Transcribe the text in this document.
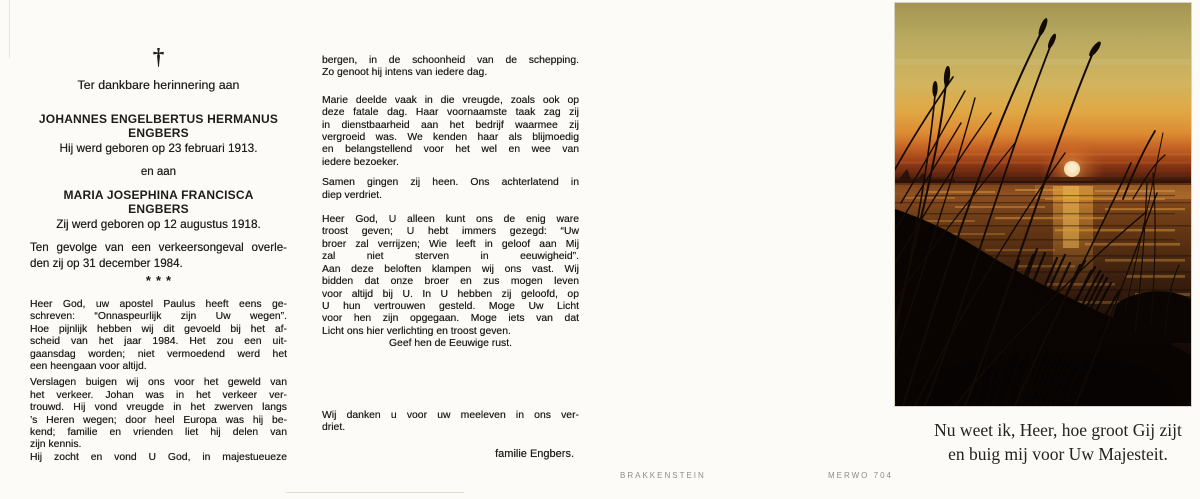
†
Ter dankbare herinnering aan
JOHANNES ENGELBERTUS HERMANUS
ENGBERS
Hij werd geboren op 23 februari 1913.
en aan
MARIA JOSEPHINA FRANCISCA
ENGBERS
Zij werd geboren op 12 augustus 1918.
Ten gevolge van een verkeersongeval overle-
den zij op 31 december 1984.
***
Heer God, uw apostel Paulus heeft eens ge-
schreven: “Onnaspeurlijk zijn Uw wegen”.
Hoe pijnlijk hebben wij dit gevoeld bij het af-
scheid van het jaar 1984. Het zou een uit-
gaansdag worden; niet vermoedend werd het
een heengaan voor altijd.
Verslagen buigen wij ons voor het geweld van
het verkeer. Johan was in het verkeer ver-
trouwd. Hij vond vreugde in het zwerven langs
’s Heren wegen; door heel Europa was hij be-
kend; familie en vrienden liet hij delen van
zijn kennis.
Hij zocht en vond U God, in majestueueze
bergen, in de schoonheid van de schepping.
Zo genoot hij intens van iedere dag.
Marie deelde vaak in die vreugde, zoals ook op
deze fatale dag. Haar voornaamste taak zag zij
in dienstbaarheid aan het bedrijf waarmee zij
vergroeid was. We kenden haar als blijmoedig
en belangstellend voor het wel en wee van
iedere bezoeker.
Samen gingen zij heen. Ons achterlatend in
diep verdriet.
Heer God, U alleen kunt ons de enig ware
troost geven; U hebt immers gezegd: “Uw
broer zal verrijzen; Wie leeft in geloof aan Mij
zal niet sterven in eeuwigheid”.
Aan deze beloften klampen wij ons vast. Wij
bidden dat onze broer en zus mogen leven
voor altijd bij U. In U hebben zij geloofd, op
U hun vertrouwen gesteld. Moge Uw Licht
voor hen zijn opgegaan. Moge iets van dat
Licht ons hier verlichting en troost geven.
Geef hen de Eeuwige rust.
Wij danken u voor uw meeleven in ons ver-
driet.
familie Engbers.
BRAKKENSTEIN	MERWO 704
Nu weet ik, Heer, hoe groot Gij zijt
en buig mij voor Uw Majesteit.
